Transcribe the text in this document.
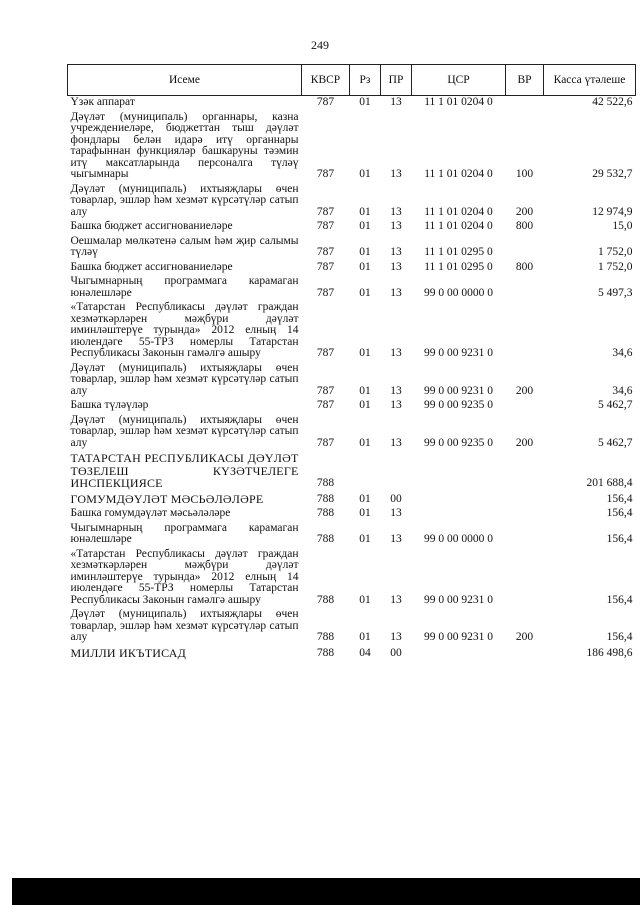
249
Исеме	КВСР	Рз	ПР	ЦСР	ВР	Касса үтәлеше
Үзәк аппарат	787	01	13	11 1 01 0204 0		42 522,6
Дәүләт (муниципаль) органнары, казна учреждениеләре, бюджеттан тыш дәүләт фондлары белән идарә итү органнары тарафыннан функцияләр башкаруны тәэмин итү максатларында персоналга түләү чыгымнары	787	01	13	11 1 01 0204 0	100	29 532,7
Дәүләт (муниципаль) ихтыяҗлары өчен товарлар, эшләр һәм хезмәт күрсәтүләр сатып алу	787	01	13	11 1 01 0204 0	200	12 974,9
Башка бюджет ассигнованиеләре	787	01	13	11 1 01 0204 0	800	15,0
Оешмалар мөлкәтенә салым һәм җир салымы түләү	787	01	13	11 1 01 0295 0		1 752,0
Башка бюджет ассигнованиеләре	787	01	13	11 1 01 0295 0	800	1 752,0
Чыгымнарның программага карамаган юнәлешләре	787	01	13	99 0 00 0000 0		5 497,3
«Татарстан Республикасы дәүләт граждан хезмәткәрләрен мәҗбүри дәүләт иминләштерүе турында» 2012 елның 14 июлендәге 55-ТРЗ номерлы Татарстан Республикасы Законын гамәлгә ашыру	787	01	13	99 0 00 9231 0		34,6
Дәүләт (муниципаль) ихтыяҗлары өчен товарлар, эшләр һәм хезмәт күрсәтүләр сатып алу	787	01	13	99 0 00 9231 0	200	34,6
Башка түләүләр	787	01	13	99 0 00 9235 0		5 462,7
Дәүләт (муниципаль) ихтыяҗлары өчен товарлар, эшләр һәм хезмәт күрсәтүләр сатып алу	787	01	13	99 0 00 9235 0	200	5 462,7
ТАТАРСТАН РЕСПУБЛИКАСЫ ДӘҮЛӘТ ТӨЗЕЛЕШ КҮЗӘТЧЕЛЕГЕ ИНСПЕКЦИЯСЕ	788					201 688,4
ГОМУМДӘҮЛӘТ МӘСЬӘЛӘЛӘРЕ	788	01	00			156,4
Башка гомумдәүләт мәсьәләләре	788	01	13			156,4
Чыгымнарның программага карамаган юнәлешләре	788	01	13	99 0 00 0000 0		156,4
«Татарстан Республикасы дәүләт граждан хезмәткәрләрен мәҗбүри дәүләт иминләштерүе турында» 2012 елның 14 июлендәге 55-ТРЗ номерлы Татарстан Республикасы Законын гамәлгә ашыру	788	01	13	99 0 00 9231 0		156,4
Дәүләт (муниципаль) ихтыяҗлары өчен товарлар, эшләр һәм хезмәт күрсәтүләр сатып алу	788	01	13	99 0 00 9231 0	200	156,4
МИЛЛИ ИКЪТИСАД	788	04	00			186 498,6
